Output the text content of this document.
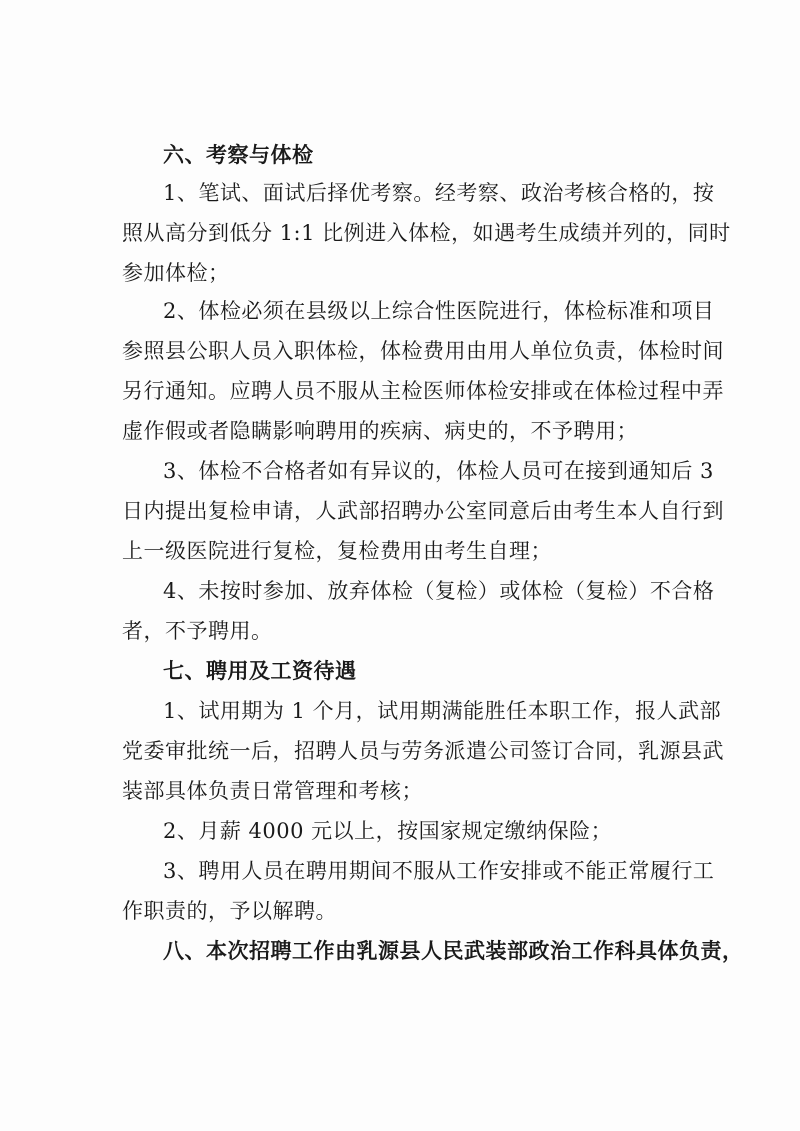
六、考察与体检
1、笔试、面试后择优考察。经考察、政治考核合格的，按
照从高分到低分 1:1 比例进入体检，如遇考生成绩并列的，同时
参加体检；
2、体检必须在县级以上综合性医院进行，体检标准和项目
参照县公职人员入职体检，体检费用由用人单位负责，体检时间
另行通知。应聘人员不服从主检医师体检安排或在体检过程中弄
虚作假或者隐瞒影响聘用的疾病、病史的，不予聘用；
3、体检不合格者如有异议的，体检人员可在接到通知后 3
日内提出复检申请，人武部招聘办公室同意后由考生本人自行到
上一级医院进行复检，复检费用由考生自理；
4、未按时参加、放弃体检（复检）或体检（复检）不合格
者，不予聘用。
七、聘用及工资待遇
1、试用期为 1 个月，试用期满能胜任本职工作，报人武部
党委审批统一后，招聘人员与劳务派遣公司签订合同，乳源县武
装部具体负责日常管理和考核；
2、月薪 4000 元以上，按国家规定缴纳保险；
3、聘用人员在聘用期间不服从工作安排或不能正常履行工
作职责的，予以解聘。
八、本次招聘工作由乳源县人民武装部政治工作科具体负责，
